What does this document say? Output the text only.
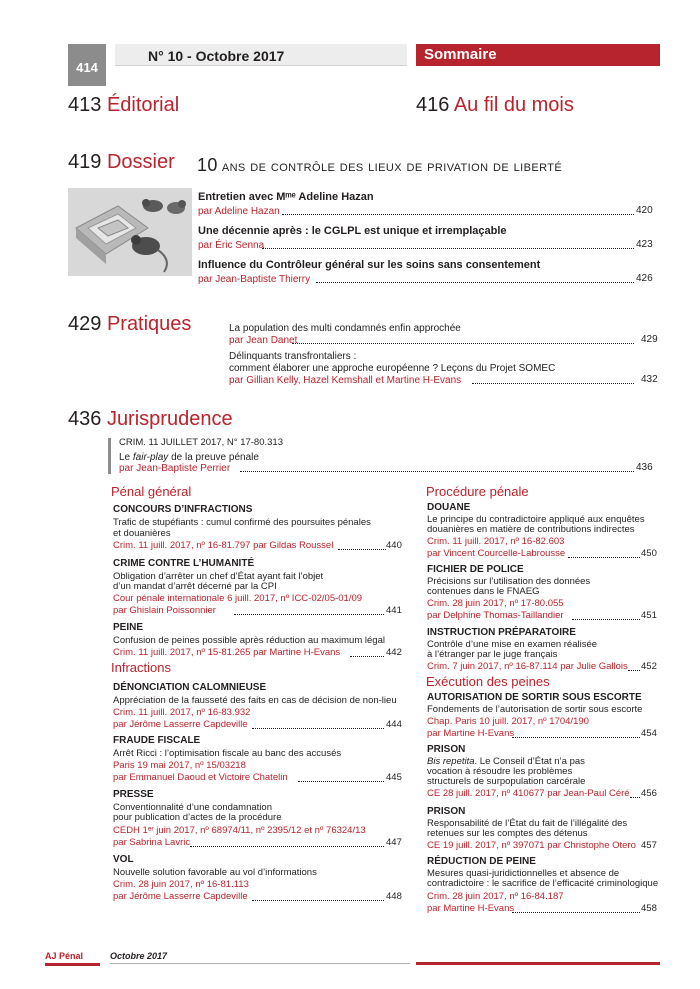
414
N° 10 - Octobre 2017	Sommaire
413 Éditorial	416 Au fil du mois
419 Dossier 10 ans de contrôle des lieux de privation de liberté
Entretien avec Mᵐᵉ Adeline Hazan
par Adeline Hazan	420
Une décennie après : le CGLPL est unique et irremplaçable
par Éric Senna	423
Influence du Contrôleur général sur les soins sans consentement
par Jean-Baptiste Thierry	426
429 Pratiques	La population des multi condamnés enfin approchée
par Jean Danet	429
Délinquants transfrontaliers :
comment élaborer une approche européenne ? Leçons du Projet SOMEC
par Gillian Kelly, Hazel Kemshall et Martine H-Evans	432
436 Jurisprudence
CRIM. 11 JUILLET 2017, N° 17-80.313
Le fair-play de la preuve pénale
par Jean-Baptiste Perrier	436
Pénal général
CONCOURS D’INFRACTIONS
Trafic de stupéfiants : cumul confirmé des poursuites pénales
et douanières
Crim. 11 juill. 2017, nº 16-81.797 par Gildas Roussel	440
CRIME CONTRE L’HUMANITÉ
Obligation d’arrêter un chef d’État ayant fait l’objet
d’un mandat d’arrêt décerné par la CPI
Cour pénale internationale 6 juill. 2017, nº ICC-02/05-01/09
par Ghislain Poissonnier	441
PEINE
Confusion de peines possible après réduction au maximum légal
Crim. 11 juill. 2017, nº 15-81.265 par Martine H-Evans	442
Infractions
DÉNONCIATION CALOMNIEUSE
Appréciation de la fausseté des faits en cas de décision de non-lieu
Crim. 11 juill. 2017, nº 16-83.932
par Jérôme Lasserre Capdeville	444
FRAUDE FISCALE
Arrêt Ricci : l’optimisation fiscale au banc des accusés
Paris 19 mai 2017, nº 15/03218
par Emmanuel Daoud et Victoire Chatelin	445
PRESSE
Conventionnalité d’une condamnation
pour publication d’actes de la procédure
CEDH 1ᵉʳ juin 2017, nº 68974/11, nº 2395/12 et nº 76324/13
par Sabrina Lavric	447
VOL
Nouvelle solution favorable au vol d’informations
Crim. 28 juin 2017, nº 16-81.113
par Jérôme Lasserre Capdeville	448
Procédure pénale
DOUANE
Le principe du contradictoire appliqué aux enquêtes
douanières en matière de contributions indirectes
Crim. 11 juill. 2017, nº 16-82.603
par Vincent Courcelle-Labrousse	450
FICHIER DE POLICE
Précisions sur l’utilisation des données
contenues dans le FNAEG
Crim. 28 juin 2017, nº 17-80.055
par Delphine Thomas-Taillandier	451
INSTRUCTION PRÉPARATOIRE
Contrôle d’une mise en examen réalisée
à l’étranger par le juge français
Crim. 7 juin 2017, nº 16-87.114 par Julie Gallois 452
Exécution des peines
AUTORISATION DE SORTIR SOUS ESCORTE
Fondements de l’autorisation de sortir sous escorte
Chap. Paris 10 juill. 2017, nº 1704/190
par Martine H-Evans	454
PRISON
Bis repetita. Le Conseil d’État n’a pas
vocation à résoudre les problèmes
structurels de surpopulation carcérale
CE 28 juill. 2017, nº 410677 par Jean-Paul Céré 456
PRISON
Responsabilité de l’État du fait de l’illégalité des
retenues sur les comptes des détenus
CE 19 juill. 2017, nº 397071 par Christophe Otero 457
RÉDUCTION DE PEINE
Mesures quasi-juridictionnelles et absence de
contradictoire : le sacrifice de l’efficacité criminologique
Crim. 28 juin 2017, nº 16-84.187
par Martine H-Evans	458
AJ Pénal	Octobre 2017
